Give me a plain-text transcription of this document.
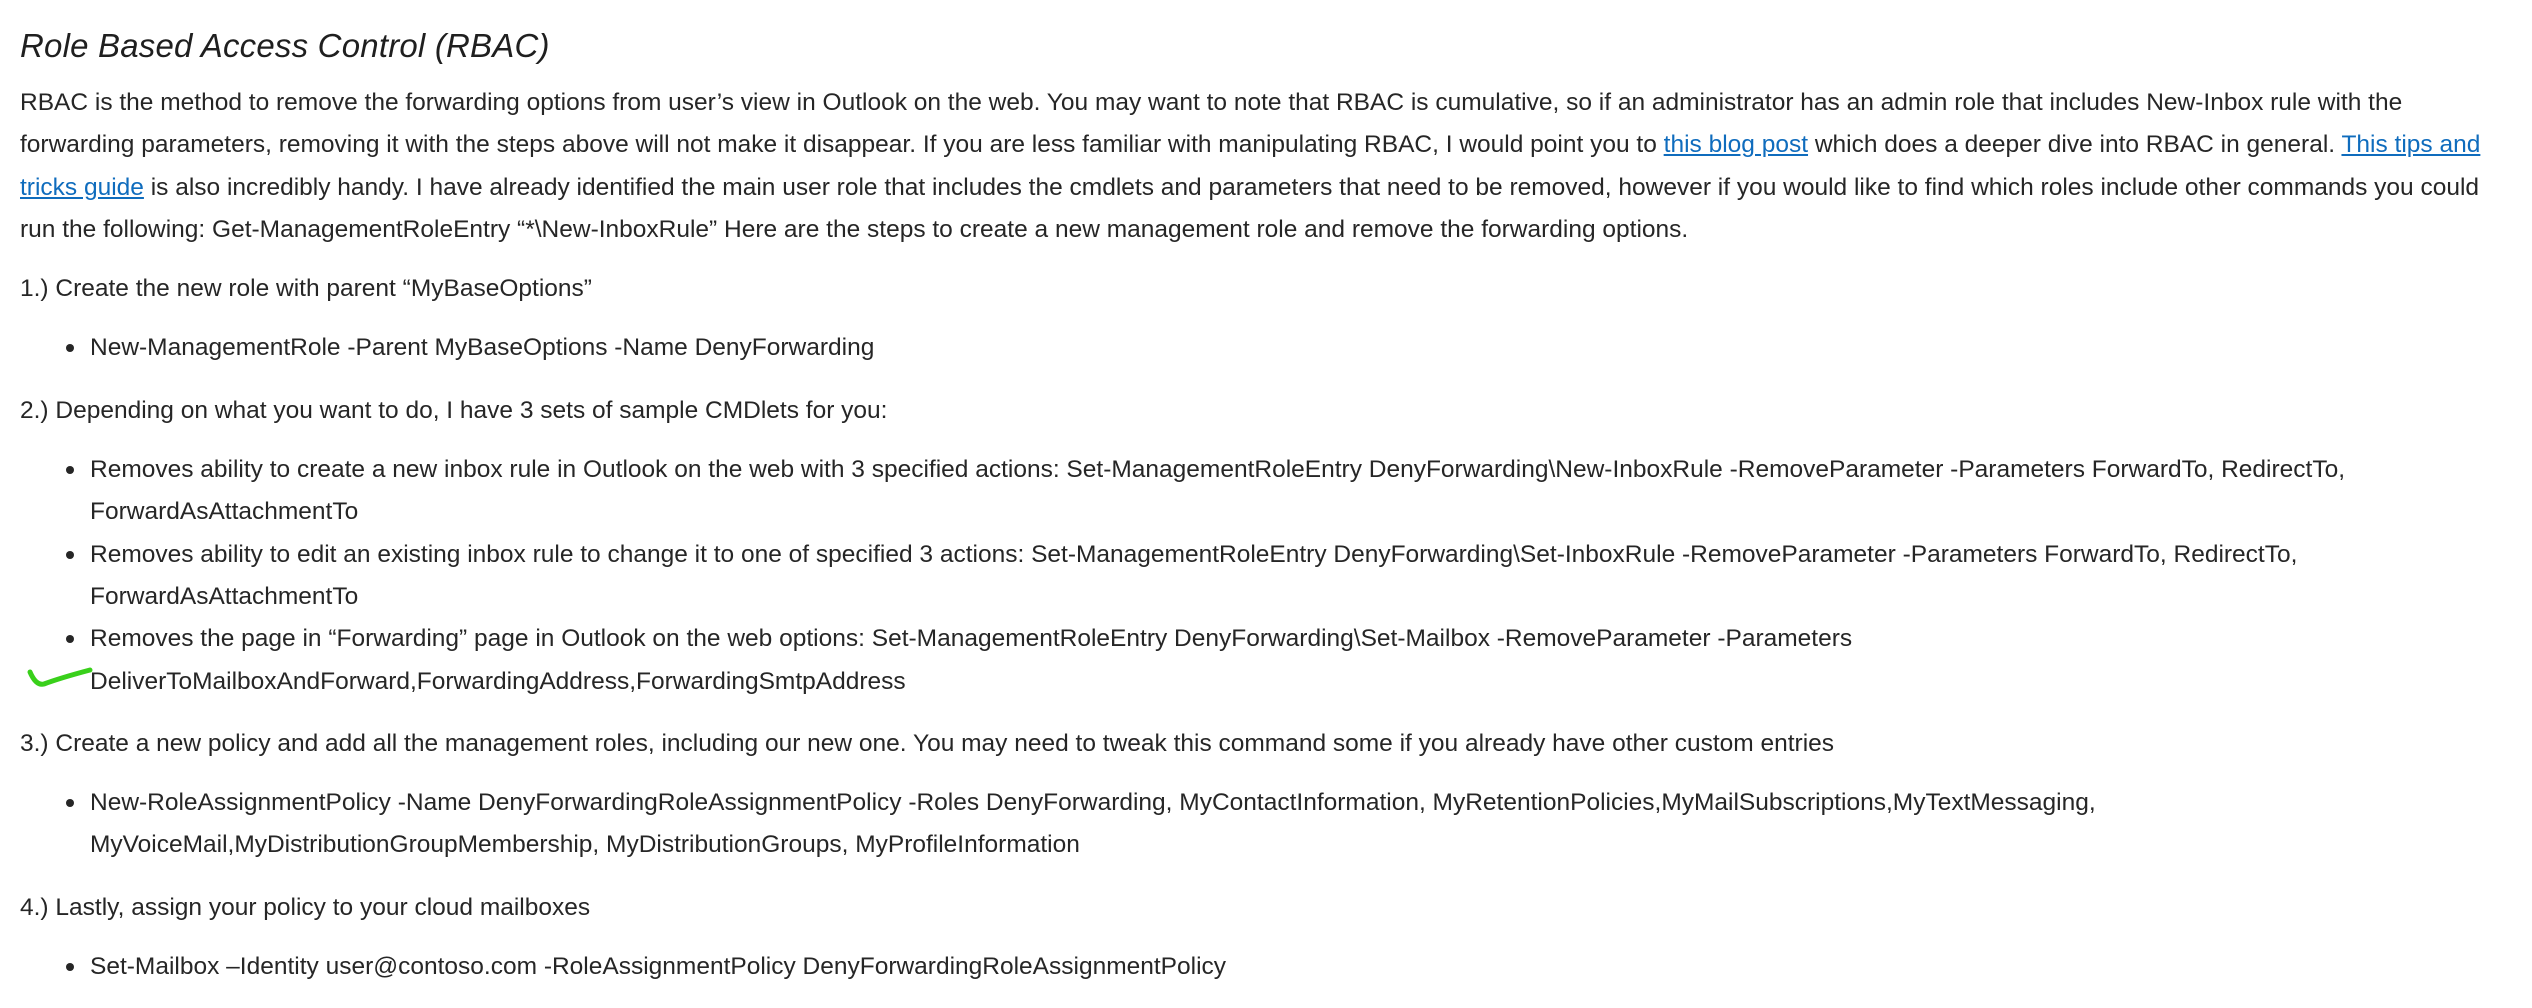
Role Based Access Control (RBAC)

RBAC is the method to remove the forwarding options from user’s view in Outlook on the web. You may want to note that RBAC is cumulative, so if an administrator has an admin role that includes New-Inbox rule with the forwarding parameters, removing it with the steps above will not make it disappear. If you are less familiar with manipulating RBAC, I would point you to this blog post which does a deeper dive into RBAC in general. This tips and tricks guide is also incredibly handy. I have already identified the main user role that includes the cmdlets and parameters that need to be removed, however if you would like to find which roles include other commands you could run the following: Get-ManagementRoleEntry “*\New-InboxRule” Here are the steps to create a new management role and remove the forwarding options.

1.) Create the new role with parent “MyBaseOptions”

New-ManagementRole -Parent MyBaseOptions -Name DenyForwarding

2.) Depending on what you want to do, I have 3 sets of sample CMDlets for you:

Removes ability to create a new inbox rule in Outlook on the web with 3 specified actions: Set-ManagementRoleEntry DenyForwarding\New-InboxRule -RemoveParameter -Parameters ForwardTo, RedirectTo, ForwardAsAttachmentTo
Removes ability to edit an existing inbox rule to change it to one of specified 3 actions: Set-ManagementRoleEntry DenyForwarding\Set-InboxRule -RemoveParameter -Parameters ForwardTo, RedirectTo, ForwardAsAttachmentTo
Removes the page in “Forwarding” page in Outlook on the web options: Set-ManagementRoleEntry DenyForwarding\Set-Mailbox -RemoveParameter -Parameters DeliverToMailboxAndForward,ForwardingAddress,ForwardingSmtpAddress

3.) Create a new policy and add all the management roles, including our new one. You may need to tweak this command some if you already have other custom entries

New-RoleAssignmentPolicy -Name DenyForwardingRoleAssignmentPolicy -Roles DenyForwarding, MyContactInformation, MyRetentionPolicies,MyMailSubscriptions,MyTextMessaging, MyVoiceMail,MyDistributionGroupMembership, MyDistributionGroups, MyProfileInformation

4.) Lastly, assign your policy to your cloud mailboxes

Set-Mailbox –Identity user@contoso.com -RoleAssignmentPolicy DenyForwardingRoleAssignmentPolicy
